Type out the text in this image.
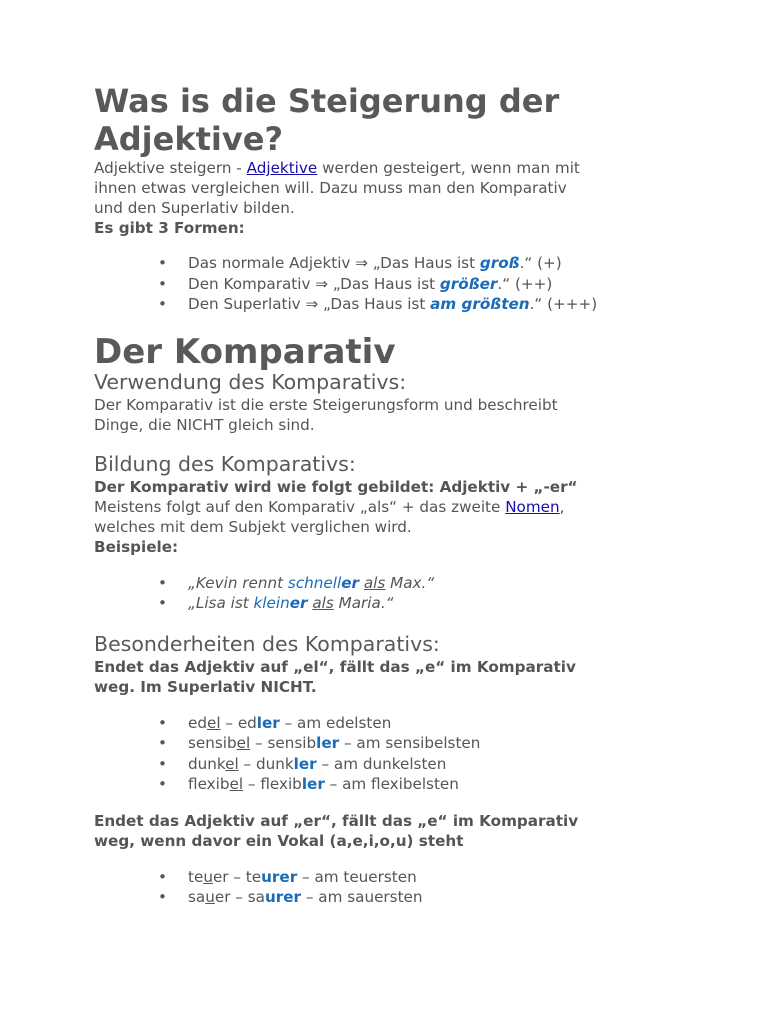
Was is die Steigerung der Adjektive?

Adjektive steigern - Adjektive werden gesteigert, wenn man mit

ihnen etwas vergleichen will. Dazu muss man den Komparativ

und den Superlativ bilden.

Es gibt 3 Formen:

• Das normale Adjektiv ⇒ „Das Haus ist groß.“ (+)
• Den Komparativ ⇒ „Das Haus ist größer.“ (++)
• Den Superlativ ⇒ „Das Haus ist am größten.“ (+++)
Der Komparativ
Verwendung des Komparativs:

Der Komparativ ist die erste Steigerungsform und beschreibt

Dinge, die NICHT gleich sind.

Bildung des Komparativs:

Der Komparativ wird wie folgt gebildet: Adjektiv + „-er“

Meistens folgt auf den Komparativ „als“ + das zweite Nomen,

welches mit dem Subjekt verglichen wird.

Beispiele:

• „Kevin rennt schneller als Max.“
• „Lisa ist kleiner als Maria.“
Besonderheiten des Komparativs:

Endet das Adjektiv auf „el“, fällt das „e“ im Komparativ

weg. Im Superlativ NICHT.

• edel – edler – am edelsten
• sensibel – sensibler – am sensibelsten
• dunkel – dunkler – am dunkelsten
• flexibel – flexibler – am flexibelsten

Endet das Adjektiv auf „er“, fällt das „e“ im Komparativ

weg, wenn davor ein Vokal (a,e,i,o,u) steht

• teuer – teurer – am teuersten
• sauer – saurer – am sauersten
